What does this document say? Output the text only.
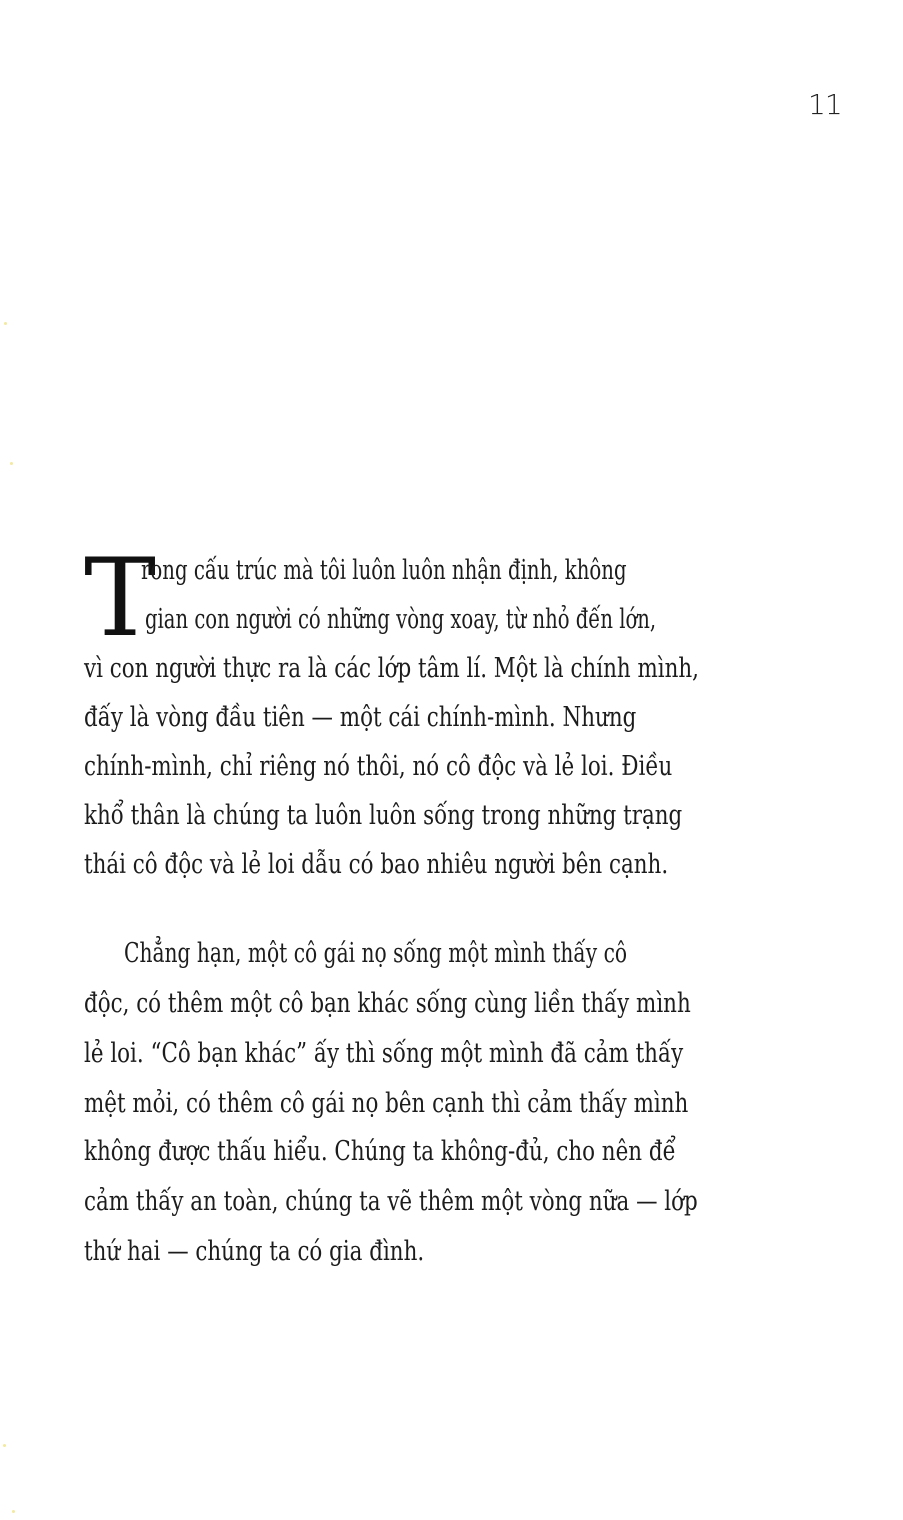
11
T
rong cấu trúc mà tôi luôn luôn nhận định, không
gian con người có những vòng xoay, từ nhỏ đến lớn,
vì con người thực ra là các lớp tâm lí. Một là chính mình,
đấy là vòng đầu tiên — một cái chính-mình. Nhưng
chính-mình, chỉ riêng nó thôi, nó cô độc và lẻ loi. Điều
khổ thân là chúng ta luôn luôn sống trong những trạng
thái cô độc và lẻ loi dẫu có bao nhiêu người bên cạnh.
Chẳng hạn, một cô gái nọ sống một mình thấy cô
độc, có thêm một cô bạn khác sống cùng liền thấy mình
lẻ loi. “Cô bạn khác” ấy thì sống một mình đã cảm thấy
mệt mỏi, có thêm cô gái nọ bên cạnh thì cảm thấy mình
không được thấu hiểu. Chúng ta không-đủ, cho nên để
cảm thấy an toàn, chúng ta vẽ thêm một vòng nữa — lớp
thứ hai — chúng ta có gia đình.
